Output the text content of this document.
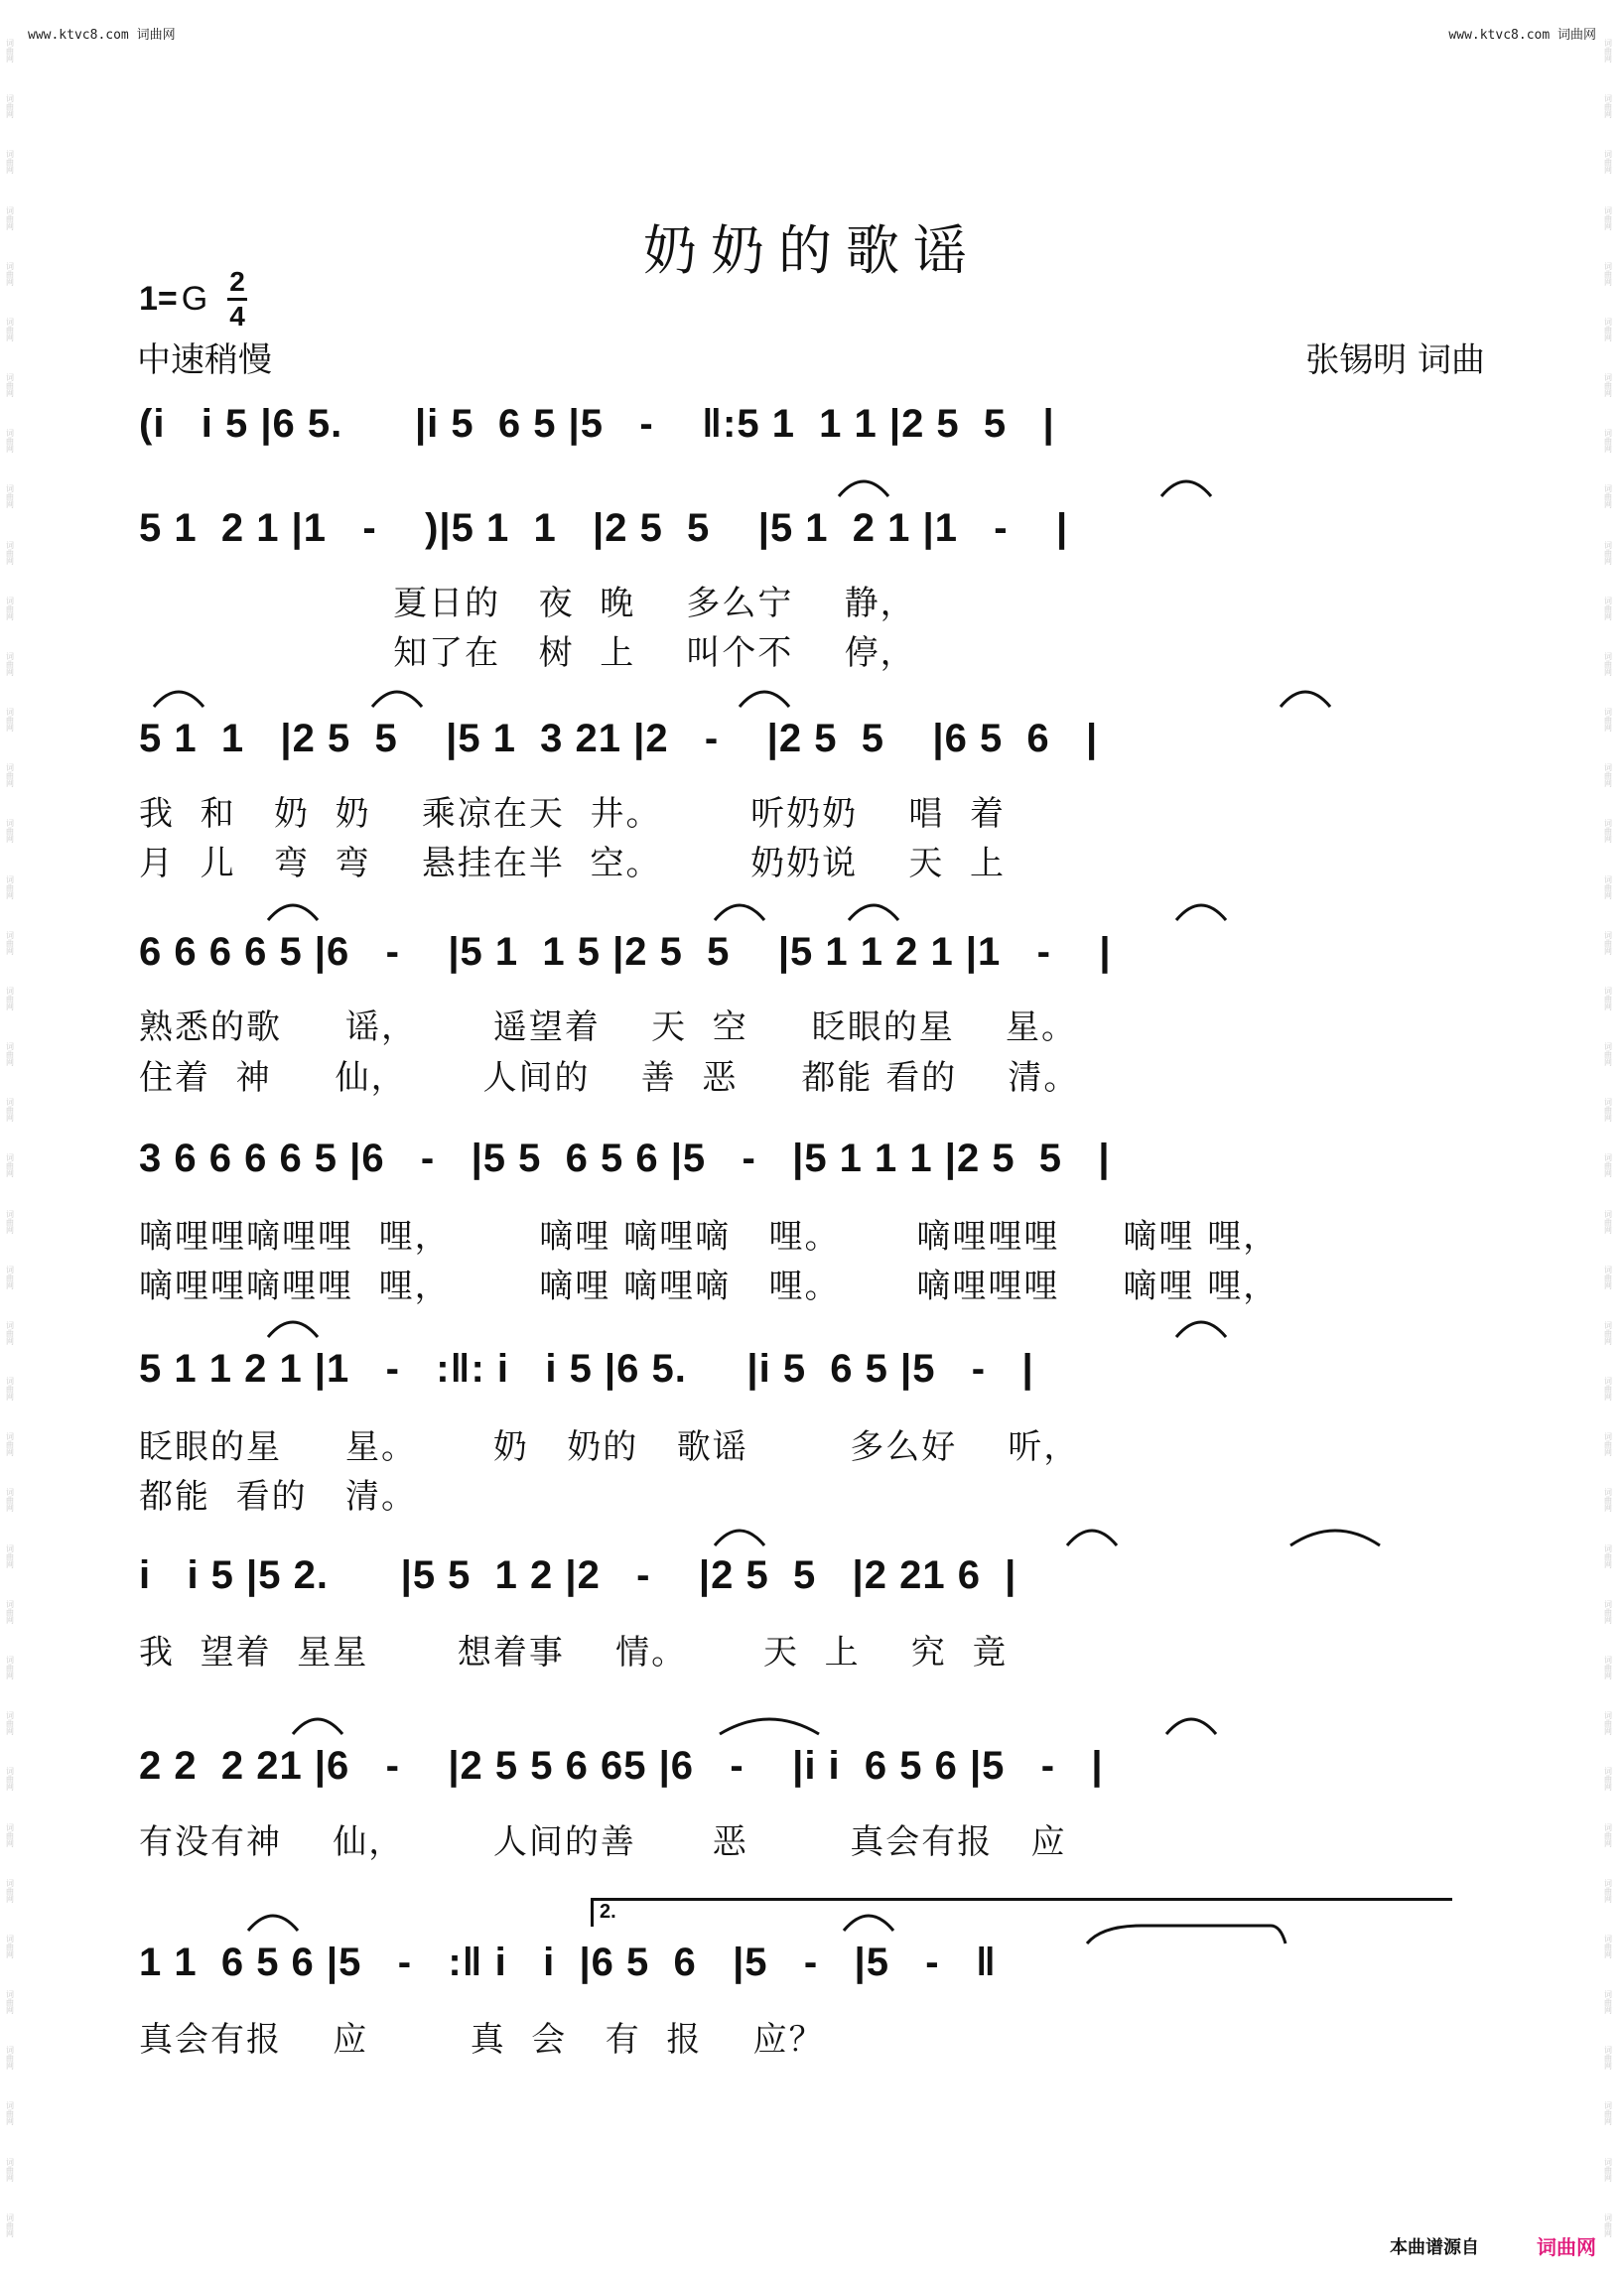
www.ktvc8.com 词曲网	www.ktvc8.com 词曲网
词曲网
词曲网
词曲网
词曲网
词曲网
词曲网
词曲网
词曲网
词曲网
词曲网
词曲网
词曲网
词曲网
词曲网
词曲网
词曲网
词曲网
词曲网
词曲网
词曲网
词曲网
词曲网
词曲网
词曲网
词曲网
词曲网
词曲网
词曲网
词曲网
词曲网
词曲网
词曲网
词曲网
词曲网
词曲网
词曲网
词曲网
词曲网
词曲网
词曲网
词曲网
词曲网
词曲网
词曲网
词曲网
词曲网
词曲网
词曲网
词曲网
词曲网
词曲网
词曲网
词曲网
词曲网
词曲网
词曲网
词曲网
词曲网
词曲网
词曲网
词曲网
词曲网
词曲网
词曲网
词曲网
词曲网
词曲网
词曲网
词曲网
词曲网
词曲网
词曲网
词曲网
词曲网
词曲网
词曲网
词曲网
词曲网
词曲网
词曲网
奶奶的歌谣
1= G $\frac{2}{4}$
中速稍慢	张锡明 词曲
(i   i 5 |6 5.      |i 5  6 5 |5   -    ‖:5 1  1 1 |2 5  5   |
5 1  2 1 |1   -    )|5 1  1   |2 5  5    |5 1  2 1 |1   -    |
夏日的   夜  晚    多么宁    静，
知了在   树  上    叫个不    停，
5 1  1   |2 5  5    |5 1  3 21 |2   -    |2 5  5    |6 5  6   |
我  和   奶  奶    乘凉在天  井。       听奶奶    唱  着
月  儿   弯  弯    悬挂在半  空。       奶奶说    天  上
6 6 6 6 5 |6   -    |5 1  1 5 |2 5  5    |5 1 1 2 1 |1   -    |
熟悉的歌     谣，      遥望着    天  空     眨眼的星    星。
住着  神     仙，      人间的    善  恶     都能 看的    清。
3 6 6 6 6 5 |6   -   |5 5  6 5 6 |5   -   |5 1 1 1 |2 5  5   |
嘀哩哩嘀哩哩  哩，       嘀哩 嘀哩嘀   哩。      嘀哩哩哩     嘀哩 哩，
嘀哩哩嘀哩哩  哩，       嘀哩 嘀哩嘀   哩。      嘀哩哩哩     嘀哩 哩，
5 1 1 2 1 |1   -   :‖: i   i 5 |6 5.     |i 5  6 5 |5   -   |
眨眼的星     星。      奶   奶的   歌谣        多么好    听，
都能  看的   清。
i   i 5 |5 2.      |5 5  1 2 |2   -    |2 5  5   |2 21 6  |
我  望着  星星       想着事    情。      天  上    究  竟
2 2  2 21 |6   -    |2 5 5 6 65 |6   -    |i i  6 5 6 |5   -   |
有没有神    仙，       人间的善      恶        真会有报   应
2.
1 1  6 5 6 |5   -   :‖ i   i  |6 5  6   |5   -   |5   -   ‖
真会有报    应        真  会   有  报    应？
本曲谱源自	词曲网
